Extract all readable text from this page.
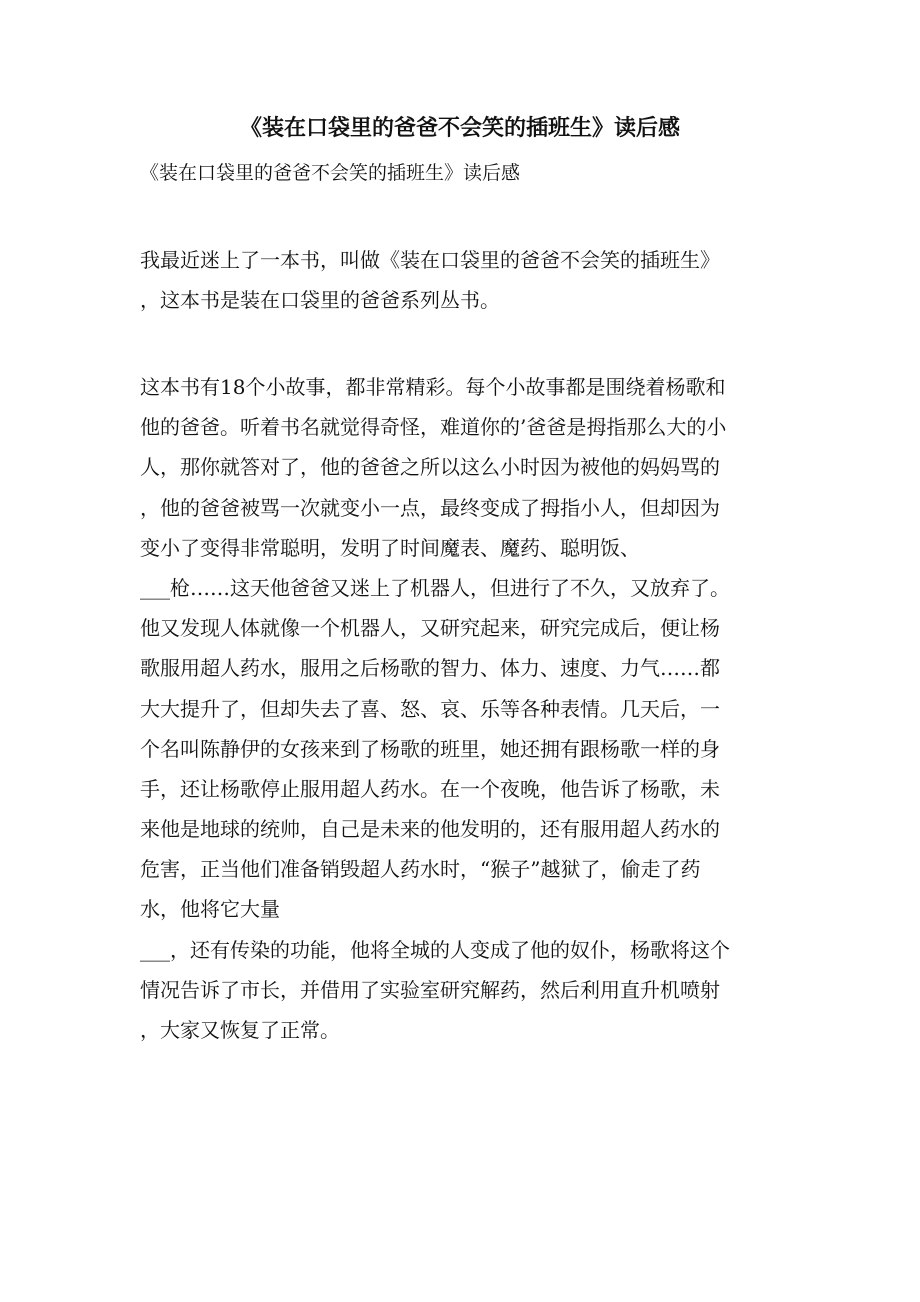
《装在口袋里的爸爸不会笑的插班生》读后感

《装在口袋里的爸爸不会笑的插班生》读后感

我最近迷上了一本书，叫做《装在口袋里的爸爸不会笑的插班生》
，这本书是装在口袋里的爸爸系列丛书。
这本书有18个小故事，都非常精彩。每个小故事都是围绕着杨歌和
他的爸爸。听着书名就觉得奇怪，难道你的’爸爸是拇指那么大的小
人，那你就答对了，他的爸爸之所以这么小时因为被他的妈妈骂的
，他的爸爸被骂一次就变小一点，最终变成了拇指小人，但却因为
变小了变得非常聪明，发明了时间魔表、魔药、聪明饭、
___枪……这天他爸爸又迷上了机器人，但进行了不久，又放弃了。
他又发现人体就像一个机器人，又研究起来，研究完成后，便让杨
歌服用超人药水，服用之后杨歌的智力、体力、速度、力气……都
大大提升了，但却失去了喜、怒、哀、乐等各种表情。几天后，一
个名叫陈静伊的女孩来到了杨歌的班里，她还拥有跟杨歌一样的身
手，还让杨歌停止服用超人药水。在一个夜晚，他告诉了杨歌，未
来他是地球的统帅，自己是未来的他发明的，还有服用超人药水的
危害，正当他们准备销毁超人药水时，“猴子”越狱了，偷走了药
水，他将它大量
___，还有传染的功能，他将全城的人变成了他的奴仆，杨歌将这个
情况告诉了市长，并借用了实验室研究解药，然后利用直升机喷射
，大家又恢复了正常。
